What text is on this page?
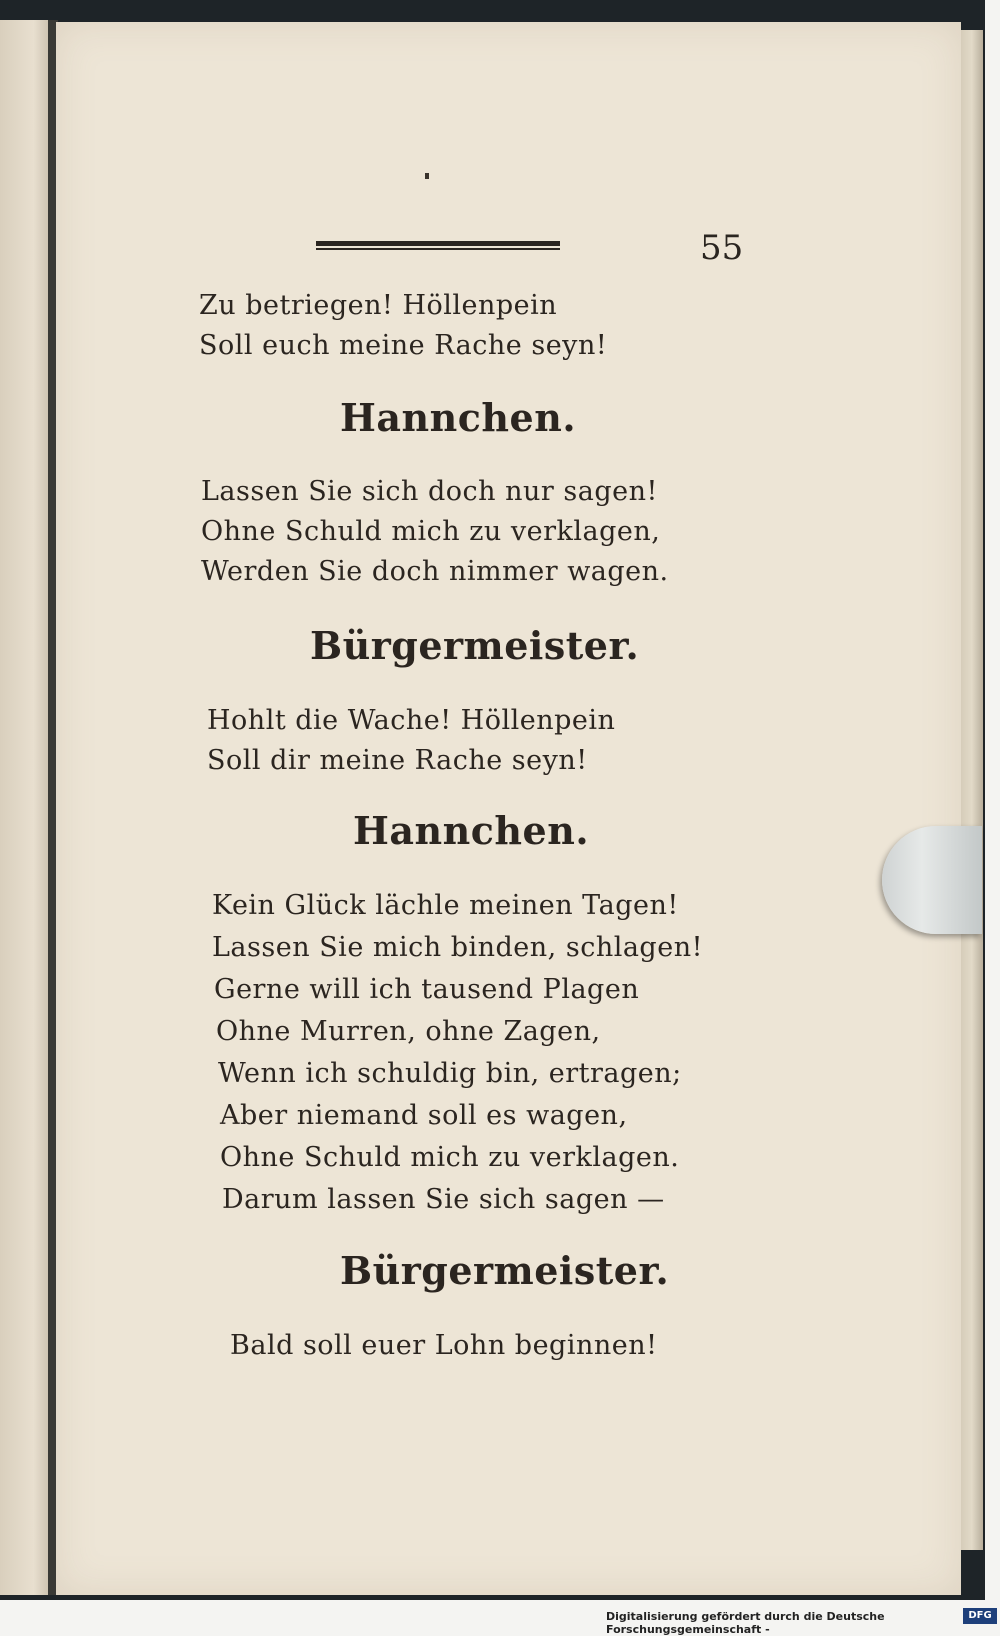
55
Zu betriegen! Höllenpein
Soll euch meine Rache seyn!
Hannchen.
Lassen Sie sich doch nur sagen!
Ohne Schuld mich zu verklagen,
Werden Sie doch nimmer wagen.
Bürgermeister.
Hohlt die Wache! Höllenpein
Soll dir meine Rache seyn!
Hannchen.
Kein Glück lächle meinen Tagen!
Lassen Sie mich binden, schlagen!
Gerne will ich tausend Plagen
Ohne Murren, ohne Zagen,
Wenn ich schuldig bin, ertragen;
Aber niemand soll es wagen,
Ohne Schuld mich zu verklagen.
Darum lassen Sie sich sagen —
Bürgermeister.
Bald soll euer Lohn beginnen!
Digitalisierung gefördert durch die Deutsche Forschungsgemeinschaft -
DFG
